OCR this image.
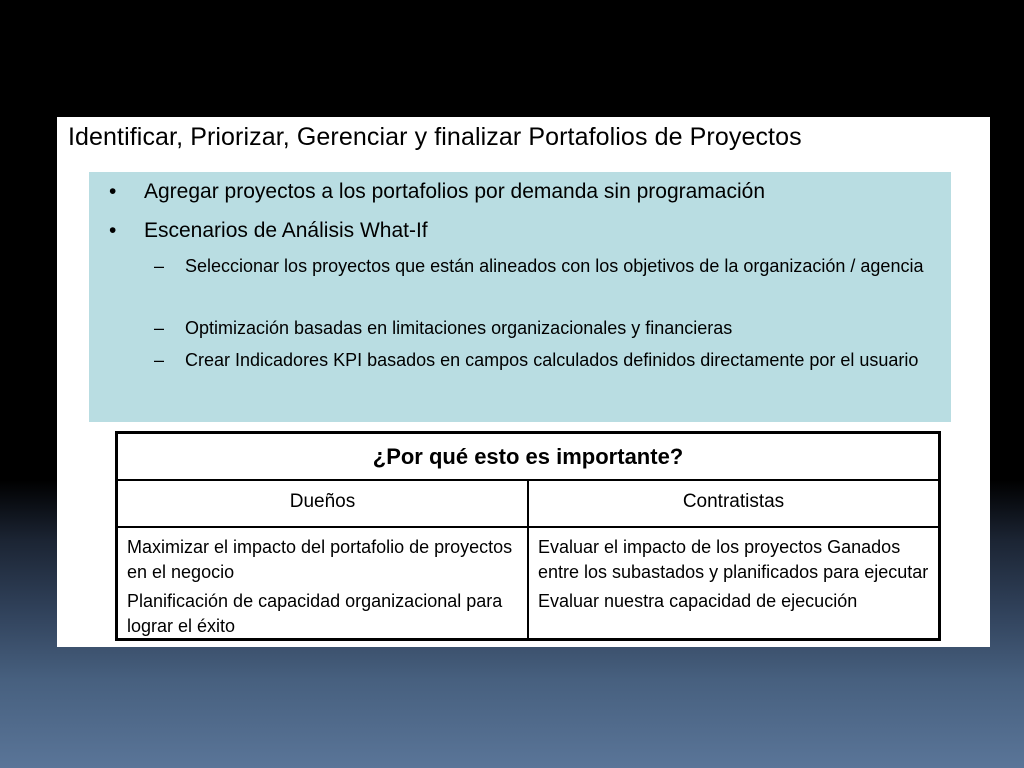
Identificar, Priorizar, Gerenciar y finalizar Portafolios de Proyectos
• Agregar proyectos a los portafolios por demanda sin programación
• Escenarios de Análisis What-If
– Seleccionar los proyectos que están alineados con los objetivos de la organización / agencia
– Optimización basadas en limitaciones organizacionales y financieras
– Crear Indicadores KPI basados en campos calculados definidos directamente por el usuario
¿Por qué esto es importante?
Dueños

Maximizar el impacto del portafolio de proyectos en el negocio

Planificación de capacidad organizacional para lograr el éxito

Contratistas

Evaluar el impacto de los proyectos Ganados entre los subastados y planificados para ejecutar

Evaluar nuestra capacidad de ejecución
